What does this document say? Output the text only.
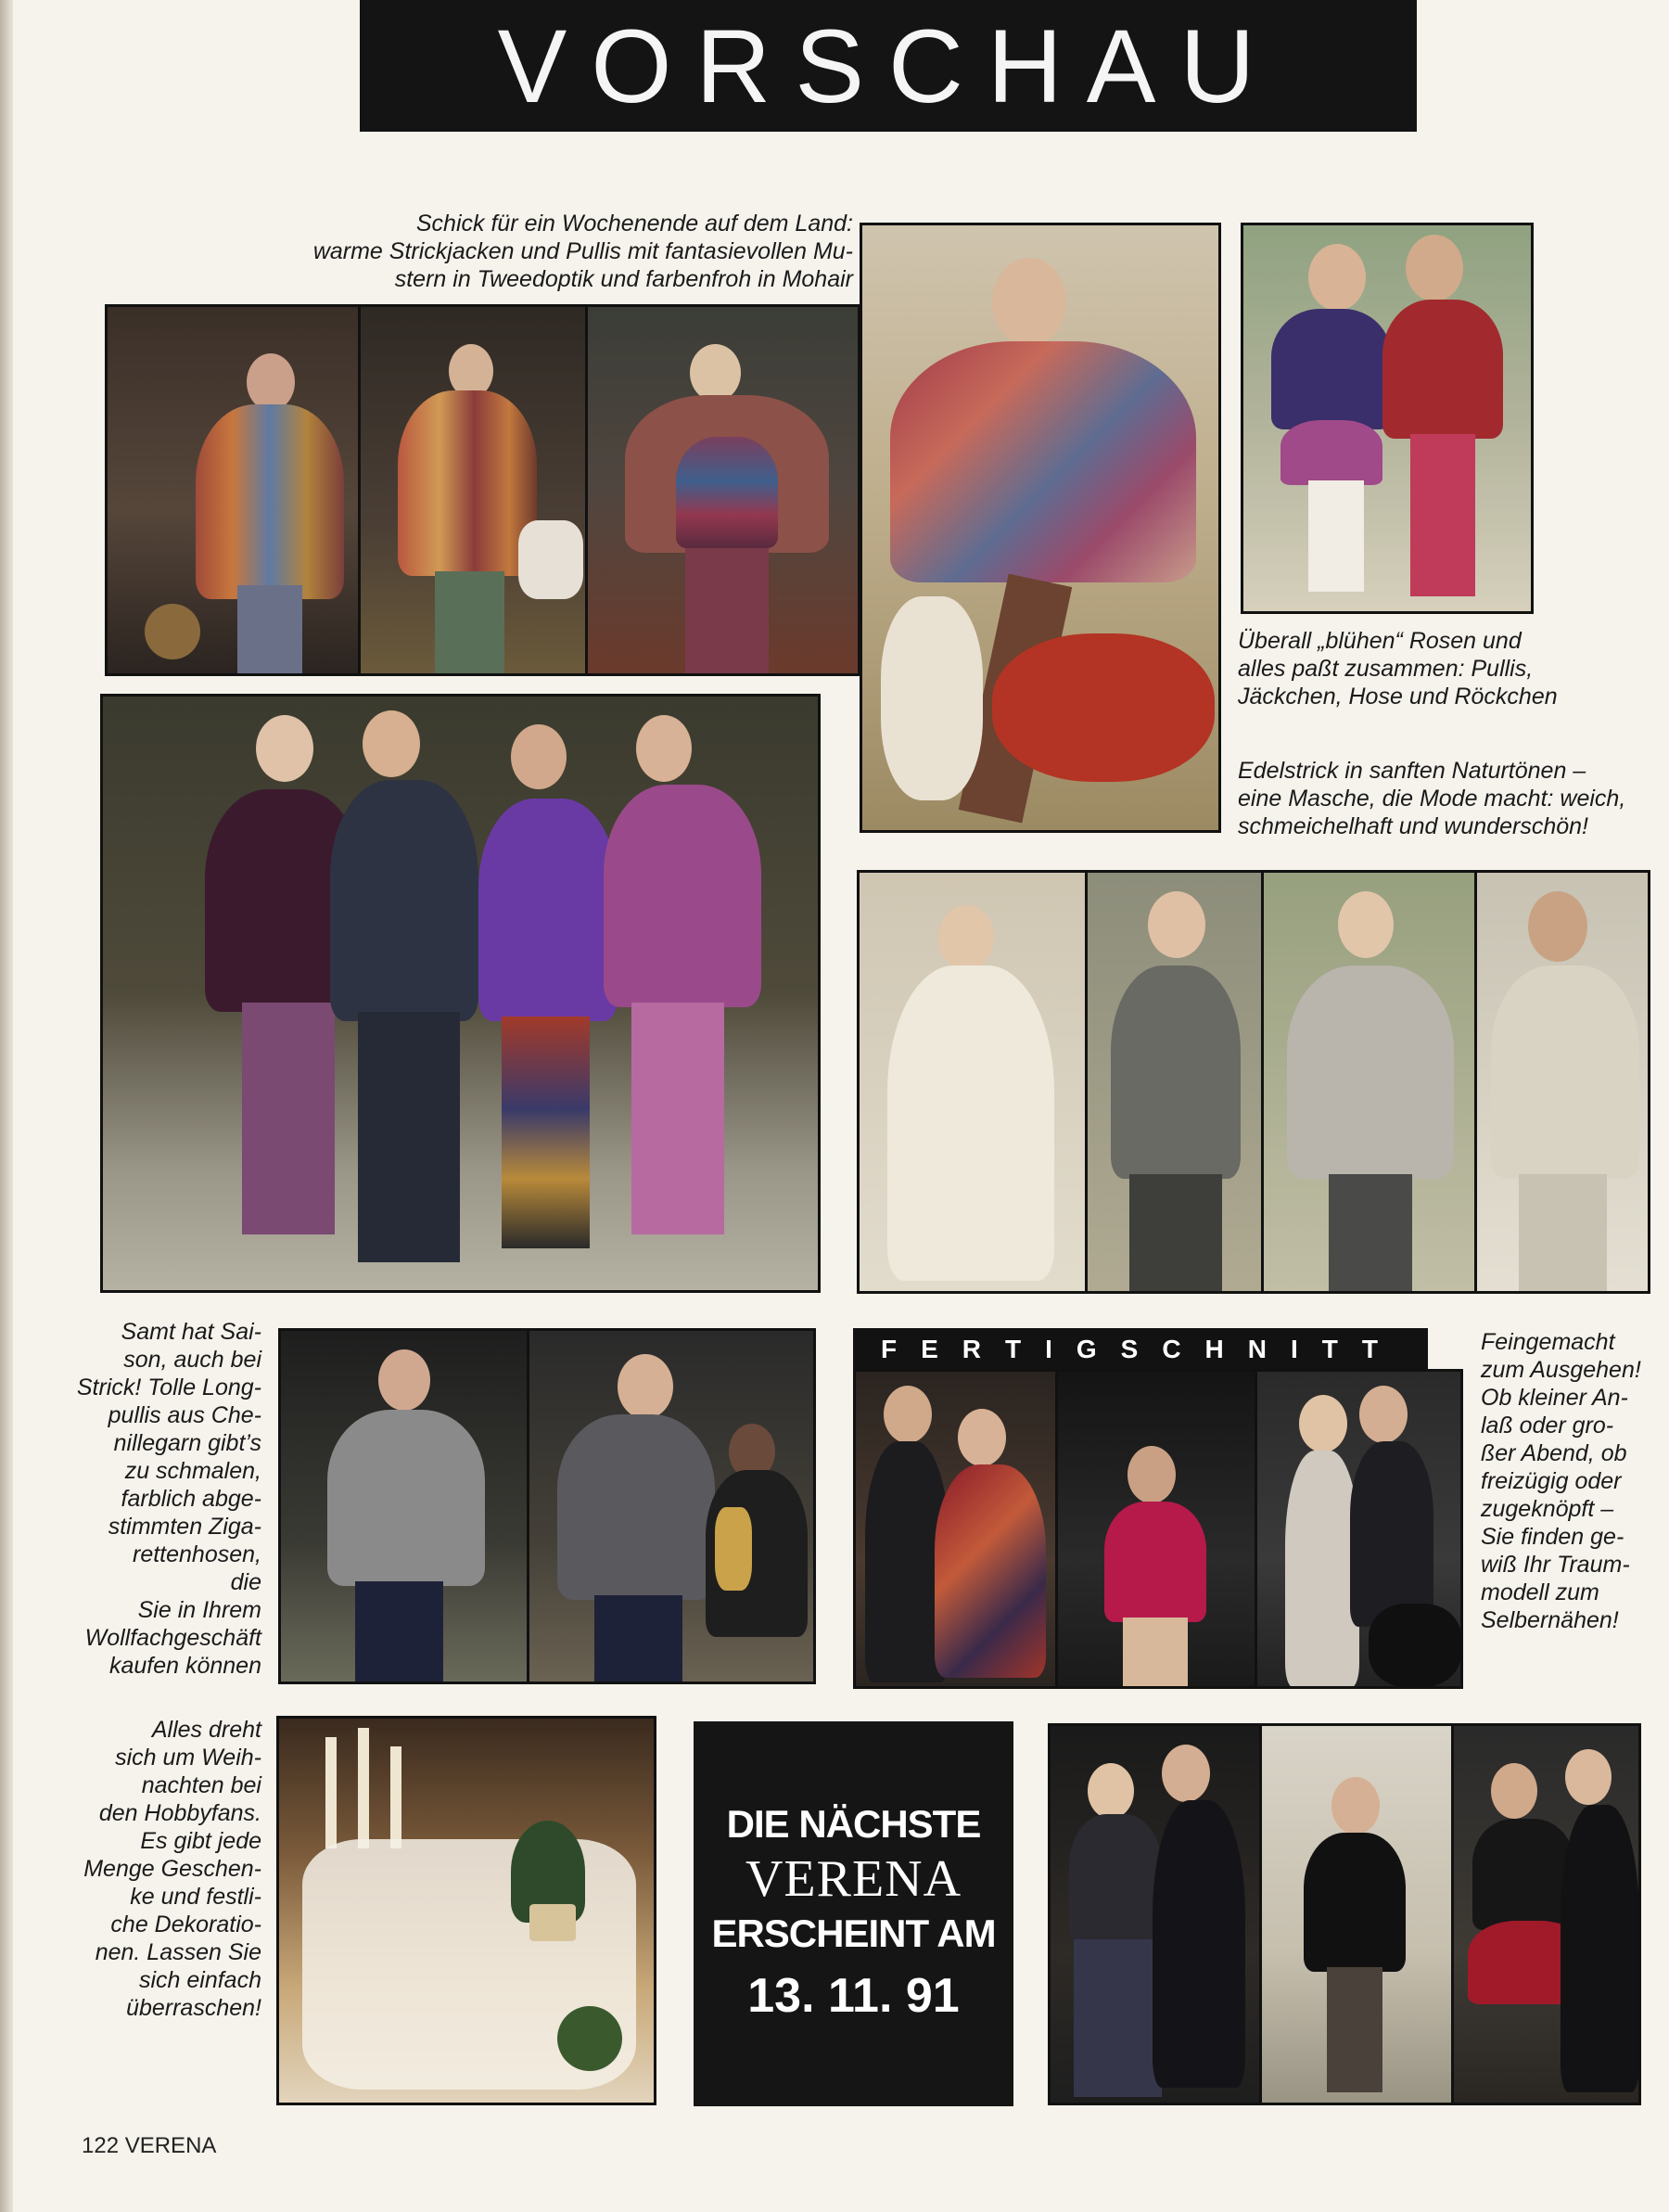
VORSCHAU
Schick für ein Wochenende auf dem Land:
warme Strickjacken und Pullis mit fantasievollen Mu-
stern in Tweedoptik und farbenfroh in Mohair
Überall „blühen“ Rosen und
alles paßt zusammen: Pullis,
Jäckchen, Hose und Röckchen
Edelstrick in sanften Naturtönen –
eine Masche, die Mode macht: weich,
schmeichelhaft und wunderschön!
Samt hat Sai-
son, auch bei
Strick! Tolle Long-
pullis aus Che-
nillegarn gibt’s
zu schmalen,
farblich abge-
stimmten Ziga-
rettenhosen,
die
Sie in Ihrem
Wollfachgeschäft
kaufen können
FERTIGSCHNITT	Feingemacht
zum Ausgehen!
Ob kleiner An-
laß oder gro-
ßer Abend, ob
freizügig oder
zugeknöpft –
Sie finden ge-
wiß Ihr Traum-
modell zum
Selbernähen!
Alles dreht
sich um Weih-
nachten bei
den Hobbyfans.
Es gibt jede
Menge Geschen-
ke und festli-
che Dekoratio-
nen. Lassen Sie
sich einfach
überraschen!
DIE NÄCHSTE
VERENA
ERSCHEINT AM
13. 11. 91
122 VERENA
